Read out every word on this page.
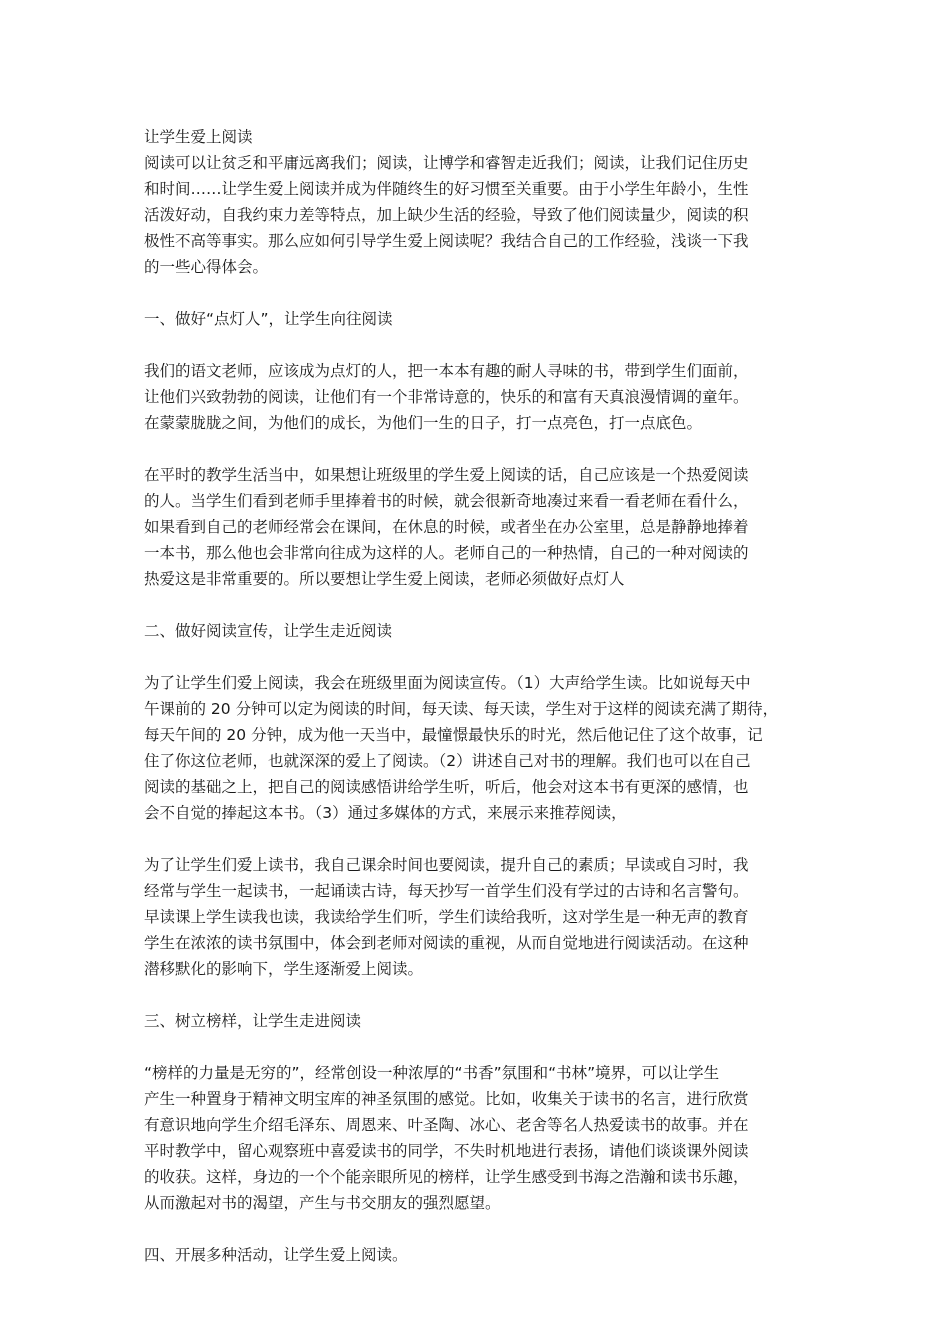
让学生爱上阅读
阅读可以让贫乏和平庸远离我们；阅读，让博学和睿智走近我们；阅读，让我们记住历史
和时间……让学生爱上阅读并成为伴随终生的好习惯至关重要。由于小学生年龄小，生性
活泼好动，自我约束力差等特点，加上缺少生活的经验，导致了他们阅读量少，阅读的积
极性不高等事实。那么应如何引导学生爱上阅读呢？我结合自己的工作经验，浅谈一下我
的一些心得体会。
一、做好“点灯人”，让学生向往阅读
我们的语文老师，应该成为点灯的人，把一本本有趣的耐人寻味的书，带到学生们面前，
让他们兴致勃勃的阅读，让他们有一个非常诗意的，快乐的和富有天真浪漫情调的童年。
在蒙蒙胧胧之间，为他们的成长，为他们一生的日子，打一点亮色，打一点底色。
在平时的教学生活当中，如果想让班级里的学生爱上阅读的话，自己应该是一个热爱阅读
的人。当学生们看到老师手里捧着书的时候，就会很新奇地凑过来看一看老师在看什么，
如果看到自己的老师经常会在课间，在休息的时候，或者坐在办公室里，总是静静地捧着
一本书，那么他也会非常向往成为这样的人。老师自己的一种热情，自己的一种对阅读的
热爱这是非常重要的。所以要想让学生爱上阅读，老师必须做好点灯人
二、做好阅读宣传，让学生走近阅读
为了让学生们爱上阅读，我会在班级里面为阅读宣传。（1）大声给学生读。比如说每天中
午课前的 20 分钟可以定为阅读的时间，每天读、每天读，学生对于这样的阅读充满了期待，
每天午间的 20 分钟，成为他一天当中，最憧憬最快乐的时光，然后他记住了这个故事，记
住了你这位老师，也就深深的爱上了阅读。（2）讲述自己对书的理解。我们也可以在自己
阅读的基础之上，把自己的阅读感悟讲给学生听，听后，他会对这本书有更深的感情，也
会不自觉的捧起这本书。（3）通过多媒体的方式，来展示来推荐阅读，
为了让学生们爱上读书，我自己课余时间也要阅读，提升自己的素质；早读或自习时，我
经常与学生一起读书，一起诵读古诗，每天抄写一首学生们没有学过的古诗和名言警句。
早读课上学生读我也读，我读给学生们听，学生们读给我听，这对学生是一种无声的教育
学生在浓浓的读书氛围中，体会到老师对阅读的重视，从而自觉地进行阅读活动。在这种
潜移默化的影响下，学生逐渐爱上阅读。
三、树立榜样，让学生走进阅读
“榜样的力量是无穷的”，经常创设一种浓厚的“书香”氛围和“书林”境界，可以让学生
产生一种置身于精神文明宝库的神圣氛围的感觉。比如，收集关于读书的名言，进行欣赏
有意识地向学生介绍毛泽东、周恩来、叶圣陶、冰心、老舍等名人热爱读书的故事。并在
平时教学中，留心观察班中喜爱读书的同学，不失时机地进行表扬，请他们谈谈课外阅读
的收获。这样，身边的一个个能亲眼所见的榜样，让学生感受到书海之浩瀚和读书乐趣，
从而激起对书的渴望，产生与书交朋友的强烈愿望。
四、开展多种活动，让学生爱上阅读。
